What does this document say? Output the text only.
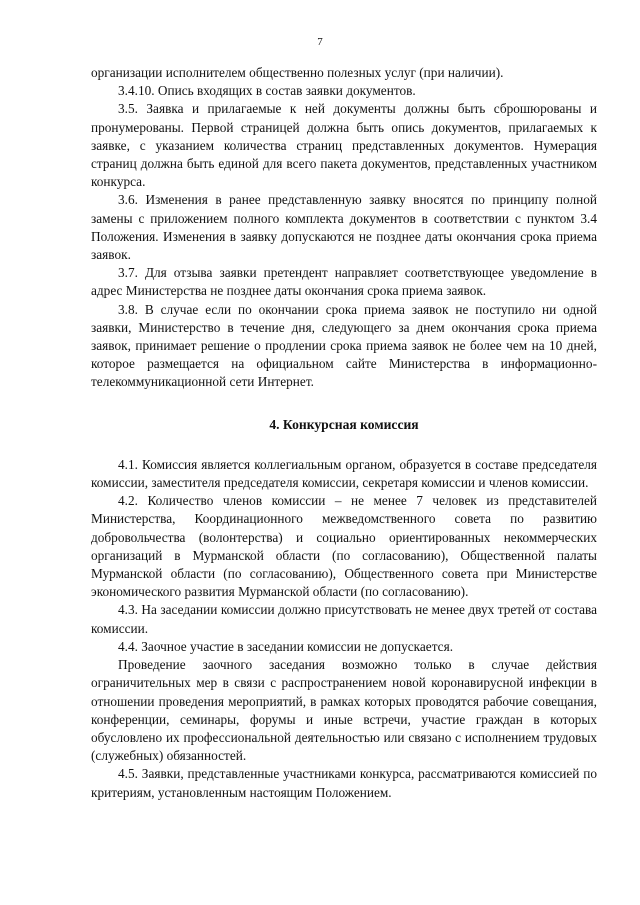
7

организации исполнителем общественно полезных услуг (при наличии).

3.4.10. Опись входящих в состав заявки документов.

3.5. Заявка и прилагаемые к ней документы должны быть сброшюрованы и пронумерованы. Первой страницей должна быть опись документов, прилагаемых к заявке, с указанием количества страниц представленных документов. Нумерация страниц должна быть единой для всего пакета документов, представленных участником конкурса.

3.6. Изменения в ранее представленную заявку вносятся по принципу полной замены с приложением полного комплекта документов в соответствии с пунктом 3.4 Положения. Изменения в заявку допускаются не позднее даты окончания срока приема заявок.

3.7. Для отзыва заявки претендент направляет соответствующее уведомление в адрес Министерства не позднее даты окончания срока приема заявок.

3.8. В случае если по окончании срока приема заявок не поступило ни одной заявки, Министерство в течение дня, следующего за днем окончания срока приема заявок, принимает решение о продлении срока приема заявок не более чем на 10 дней, которое размещается на официальном сайте Министерства в информационно-телекоммуникационной сети Интернет.

4. Конкурсная комиссия

4.1. Комиссия является коллегиальным органом, образуется в составе председателя комиссии, заместителя председателя комиссии, секретаря комиссии и членов комиссии.

4.2. Количество членов комиссии – не менее 7 человек из представителей Министерства, Координационного межведомственного совета по развитию добровольчества (волонтерства) и социально ориентированных некоммерческих организаций в Мурманской области (по согласованию), Общественной палаты Мурманской области (по согласованию), Общественного совета при Министерстве экономического развития Мурманской области (по согласованию).

4.3. На заседании комиссии должно присутствовать не менее двух третей от состава комиссии.

4.4. Заочное участие в заседании комиссии не допускается.

Проведение заочного заседания возможно только в случае действия ограничительных мер в связи с распространением новой коронавирусной инфекции в отношении проведения мероприятий, в рамках которых проводятся рабочие совещания, конференции, семинары, форумы и иные встречи, участие граждан в которых обусловлено их профессиональной деятельностью или связано с исполнением трудовых (служебных) обязанностей.

4.5. Заявки, представленные участниками конкурса, рассматриваются комиссией по критериям, установленным настоящим Положением.
